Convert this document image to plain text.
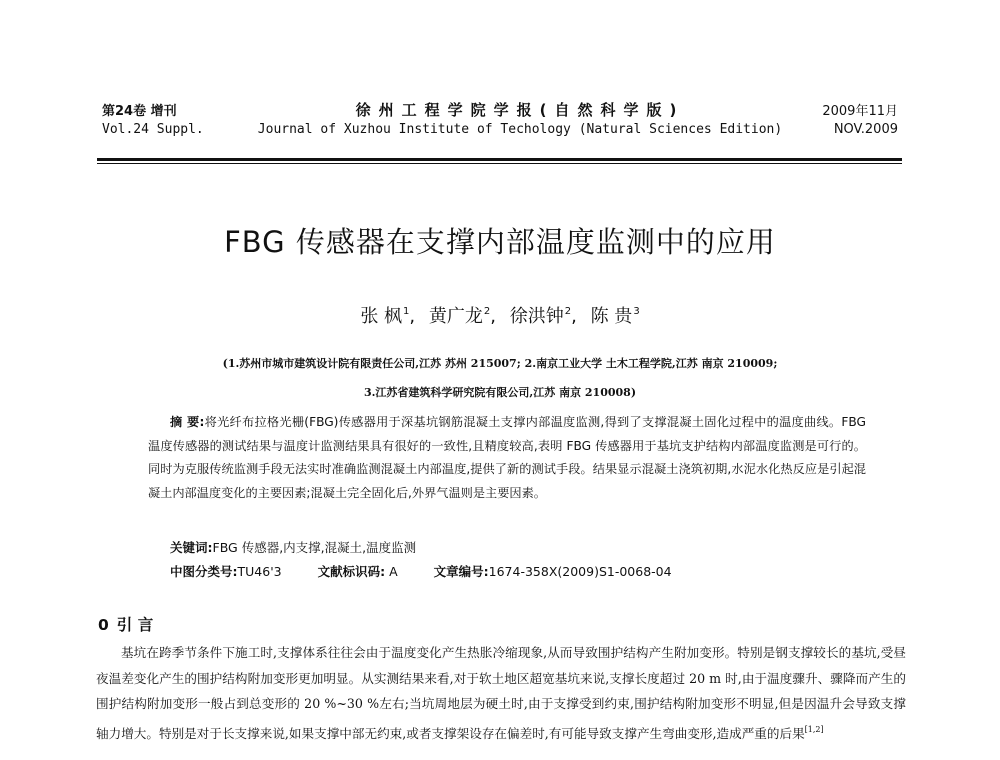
第24卷 增刊
Vol.24 Suppl.
徐州工程学院学报(自然科学版)
Journal of Xuzhou Institute of Techology (Natural Sciences Edition)
2009年11月
NOV.2009
FBG 传感器在支撑内部温度监测中的应用
张 枫$^1$, 黄广龙$^2$, 徐洪钟$^2$, 陈 贵$^3$
(1.苏州市城市建筑设计院有限责任公司,江苏 苏州 215007; 2.南京工业大学 土木工程学院,江苏 南京 210009;
3.江苏省建筑科学研究院有限公司,江苏 南京 210008)

摘 要:将光纤布拉格光栅(FBG)传感器用于深基坑钢筋混凝土支撑内部温度监测,得到了支撑混凝土固化过程中的温度曲线。FBG 温度传感器的测试结果与温度计监测结果具有很好的一致性,且精度较高,表明 FBG 传感器用于基坑支护结构内部温度监测是可行的。同时为克服传统监测手段无法实时准确监测混凝土内部温度,提供了新的测试手段。结果显示混凝土浇筑初期,水泥水化热反应是引起混凝土内部温度变化的主要因素;混凝土完全固化后,外界气温则是主要因素。

关键词:FBG 传感器,内支撑,混凝土,温度监测
中图分类号:TU46'3	文献标识码: A	文章编号:1674-358X(2009)S1-0068-04
0 引 言

基坑在跨季节条件下施工时,支撑体系往往会由于温度变化产生热胀冷缩现象,从而导致围护结构产生附加变形。特别是钢支撑较长的基坑,受昼夜温差变化产生的围护结构附加变形更加明显。从实测结果来看,对于软土地区超宽基坑来说,支撑长度超过 20 m 时,由于温度骤升、骤降而产生的围护结构附加变形一般占到总变形的 20 %~30 %左右;当坑周地层为硬土时,由于支撑受到约束,围护结构附加变形不明显,但是因温升会导致支撑轴力增大。特别是对于长支撑来说,如果支撑中部无约束,或者支撑架设存在偏差时,有可能导致支撑产生弯曲变形,造成严重的后果[1,2]
